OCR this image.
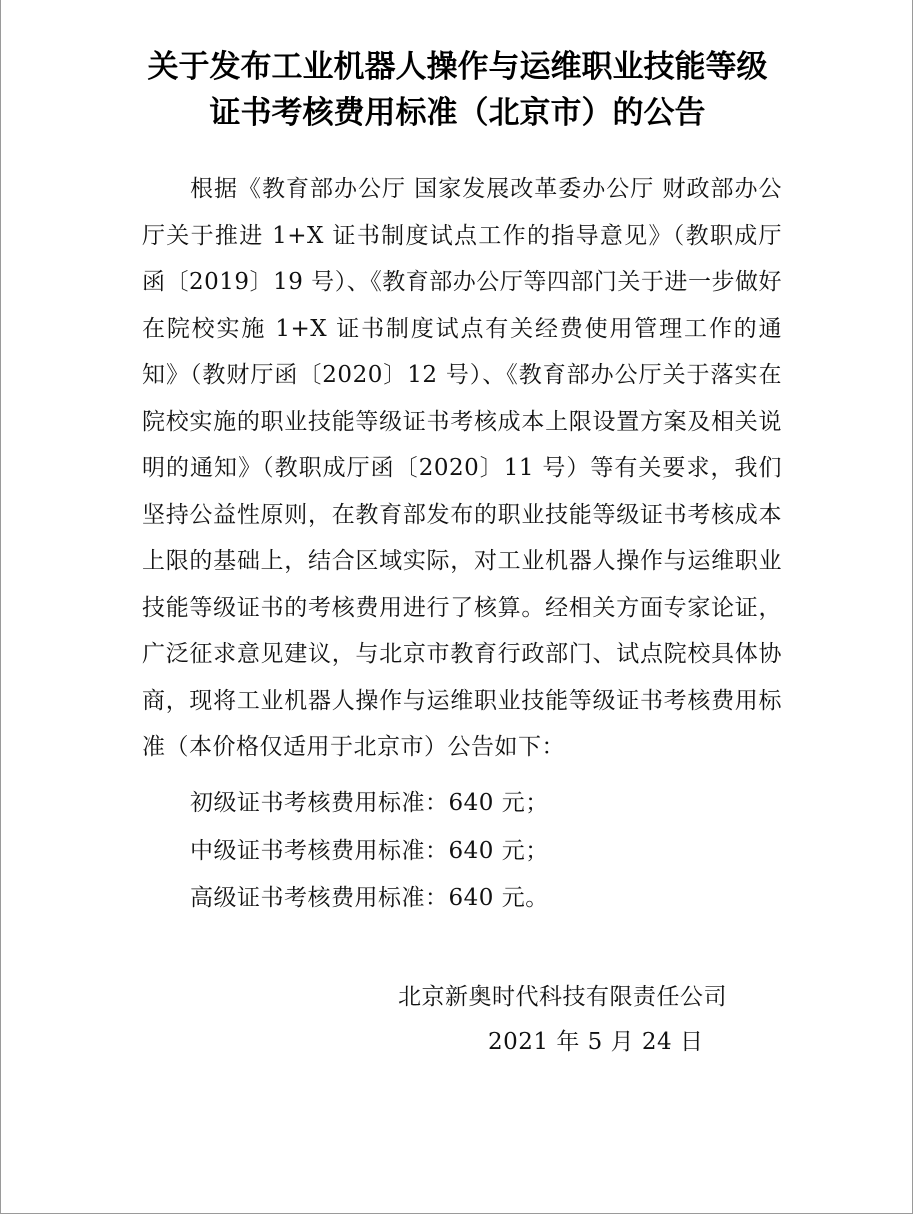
关于发布工业机器人操作与运维职业技能等级
证书考核费用标准（北京市）的公告
根据《教育部办公厅 国家发展改革委办公厅 财政部办公厅关于推进 1+X 证书制度试点工作的指导意见》（教职成厅函〔2019〕19 号）、《教育部办公厅等四部门关于进一步做好在院校实施 1+X 证书制度试点有关经费使用管理工作的通知》（教财厅函〔2020〕12 号）、《教育部办公厅关于落实在院校实施的职业技能等级证书考核成本上限设置方案及相关说明的通知》（教职成厅函〔2020〕11 号）等有关要求，我们坚持公益性原则，在教育部发布的职业技能等级证书考核成本上限的基础上，结合区域实际，对工业机器人操作与运维职业技能等级证书的考核费用进行了核算。经相关方面专家论证，广泛征求意见建议，与北京市教育行政部门、试点院校具体协商，现将工业机器人操作与运维职业技能等级证书考核费用标准（本价格仅适用于北京市）公告如下：
初级证书考核费用标准：640 元；
中级证书考核费用标准：640 元；
高级证书考核费用标准：640 元。
北京新奥时代科技有限责任公司
2021 年 5 月 24 日
